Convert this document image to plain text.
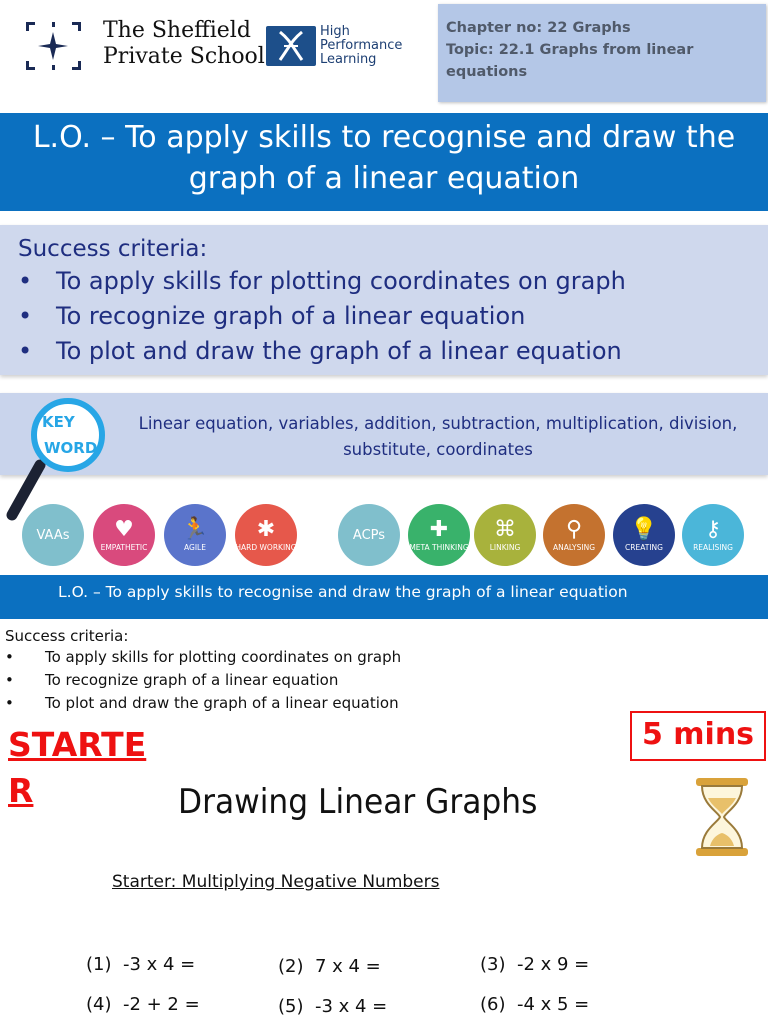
The Sheffield
Private School
High
Performance
Learning
Chapter no: 22 Graphs
Topic: 22.1 Graphs from linear equations
L.O. – To apply skills to recognise and draw the graph of a linear equation
Success criteria:
• To apply skills for plotting coordinates on graph
• To recognize graph of a linear equation
• To plot and draw the graph of a linear equation
KEY
WORD
Linear equation, variables, addition, subtraction, multiplication, division, substitute, coordinates
VAAs ♥
EMPATHETIC
🏃
AGILE
✱
HARD WORKING
ACPs ✚
META THINKING
⌘
LINKING
⚲
ANALYSING
💡
CREATING
⚷
REALISING
L.O. – To apply skills to recognise and draw the graph of a linear equation
Success criteria:
• To apply skills for plotting coordinates on graph
• To recognize graph of a linear equation
• To plot and draw the graph of a linear equation
STARTER
5 mins
Drawing Linear Graphs
Starter: Multiplying Negative Numbers
(1) -3 x 4 =	(2) 7 x 4 =	(3) -2 x 9 =
(4) -2 + 2 =	(5) -3 x 4 =	(6) -4 x 5 =
